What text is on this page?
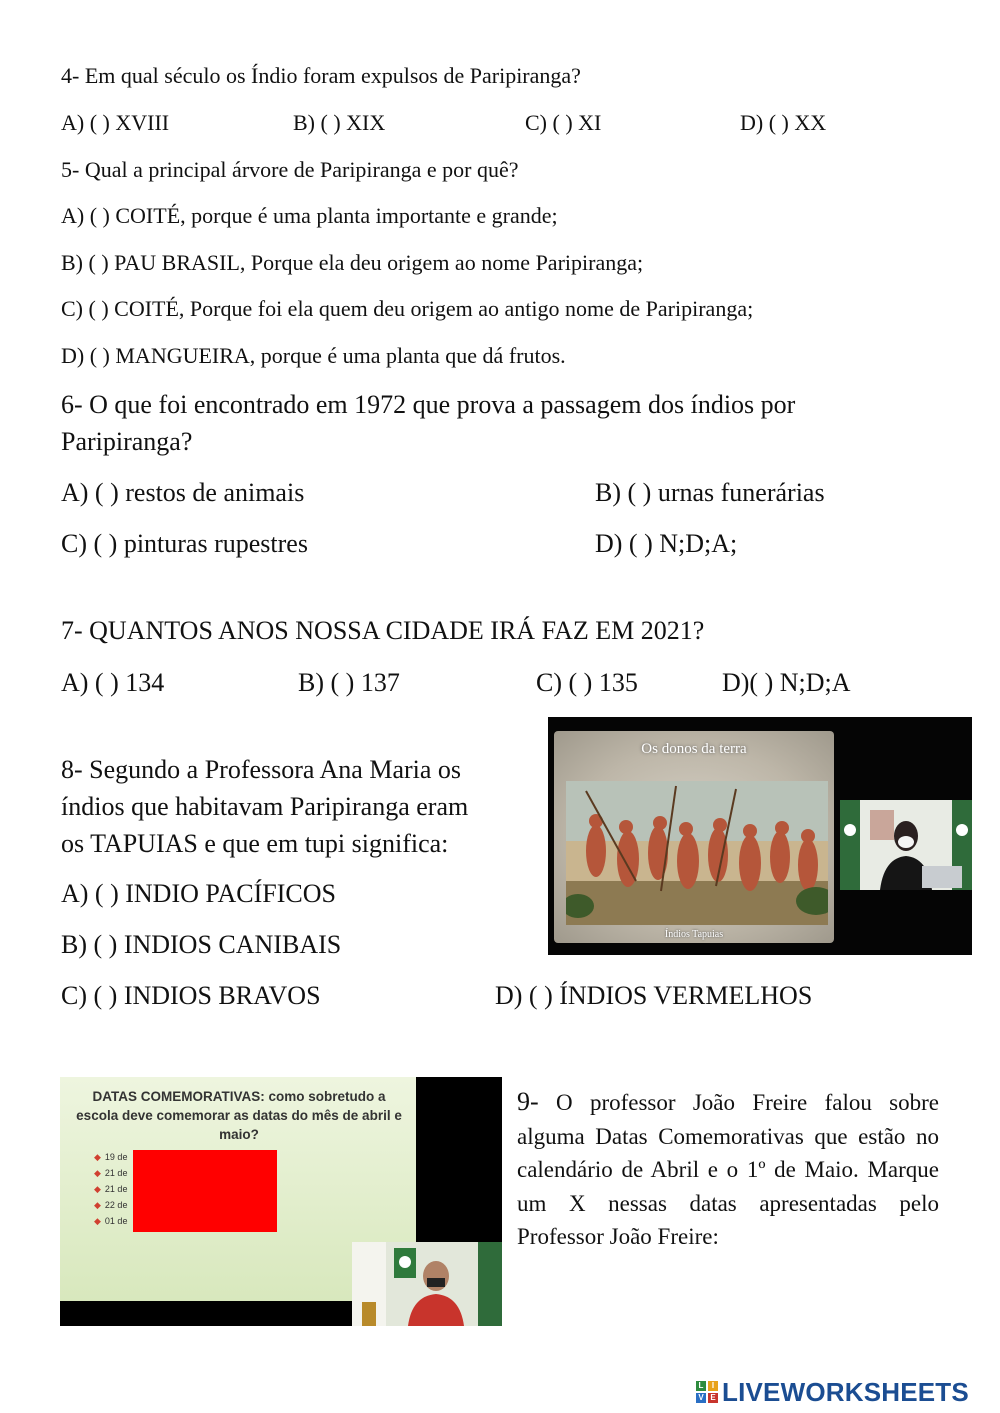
4- Em qual século os Índio foram expulsos de Paripiranga?
A) ( ) XVIII	B) ( ) XIX	C) ( ) XI	D) ( ) XX
5- Qual a principal árvore de Paripiranga e por quê?
A) ( ) COITÉ, porque é uma planta importante e grande;
B) ( ) PAU BRASIL, Porque ela deu origem ao nome Paripiranga;
C) ( ) COITÉ, Porque foi ela quem deu origem ao antigo nome de Paripiranga;
D) ( ) MANGUEIRA, porque é uma planta que dá frutos.
6- O que foi encontrado em 1972 que prova a passagem dos índios por
Paripiranga?
A) ( ) restos de animais	B) ( ) urnas funerárias
C) ( ) pinturas rupestres	D) ( ) N;D;A;
7- QUANTOS ANOS NOSSA CIDADE IRÁ FAZ EM 2021?
A) ( ) 134	B) ( ) 137	C) ( ) 135	D)( ) N;D;A
8- Segundo a Professora Ana Maria os
índios que habitavam Paripiranga eram
os TAPUIAS e que em tupi significa:
A) ( ) INDIO PACÍFICOS
B) ( ) INDIOS CANIBAIS
C) ( ) INDIOS BRAVOS	D) ( ) ÍNDIOS VERMELHOS
Os donos da terra
Índios Tapuias
DATAS COMEMORATIVAS: como sobretudo a escola deve comemorar as datas do mês de abril e maio?
◆ 19 de
◆ 21 de
◆ 21 de
◆ 22 de
◆ 01 de
9- O professor João Freire falou sobre alguma Datas Comemorativas que estão no calendário de Abril e o 1º de Maio. Marque um X nessas datas apresentadas pelo Professor João Freire:
L	I
V E LIVEWORKSHEETS
